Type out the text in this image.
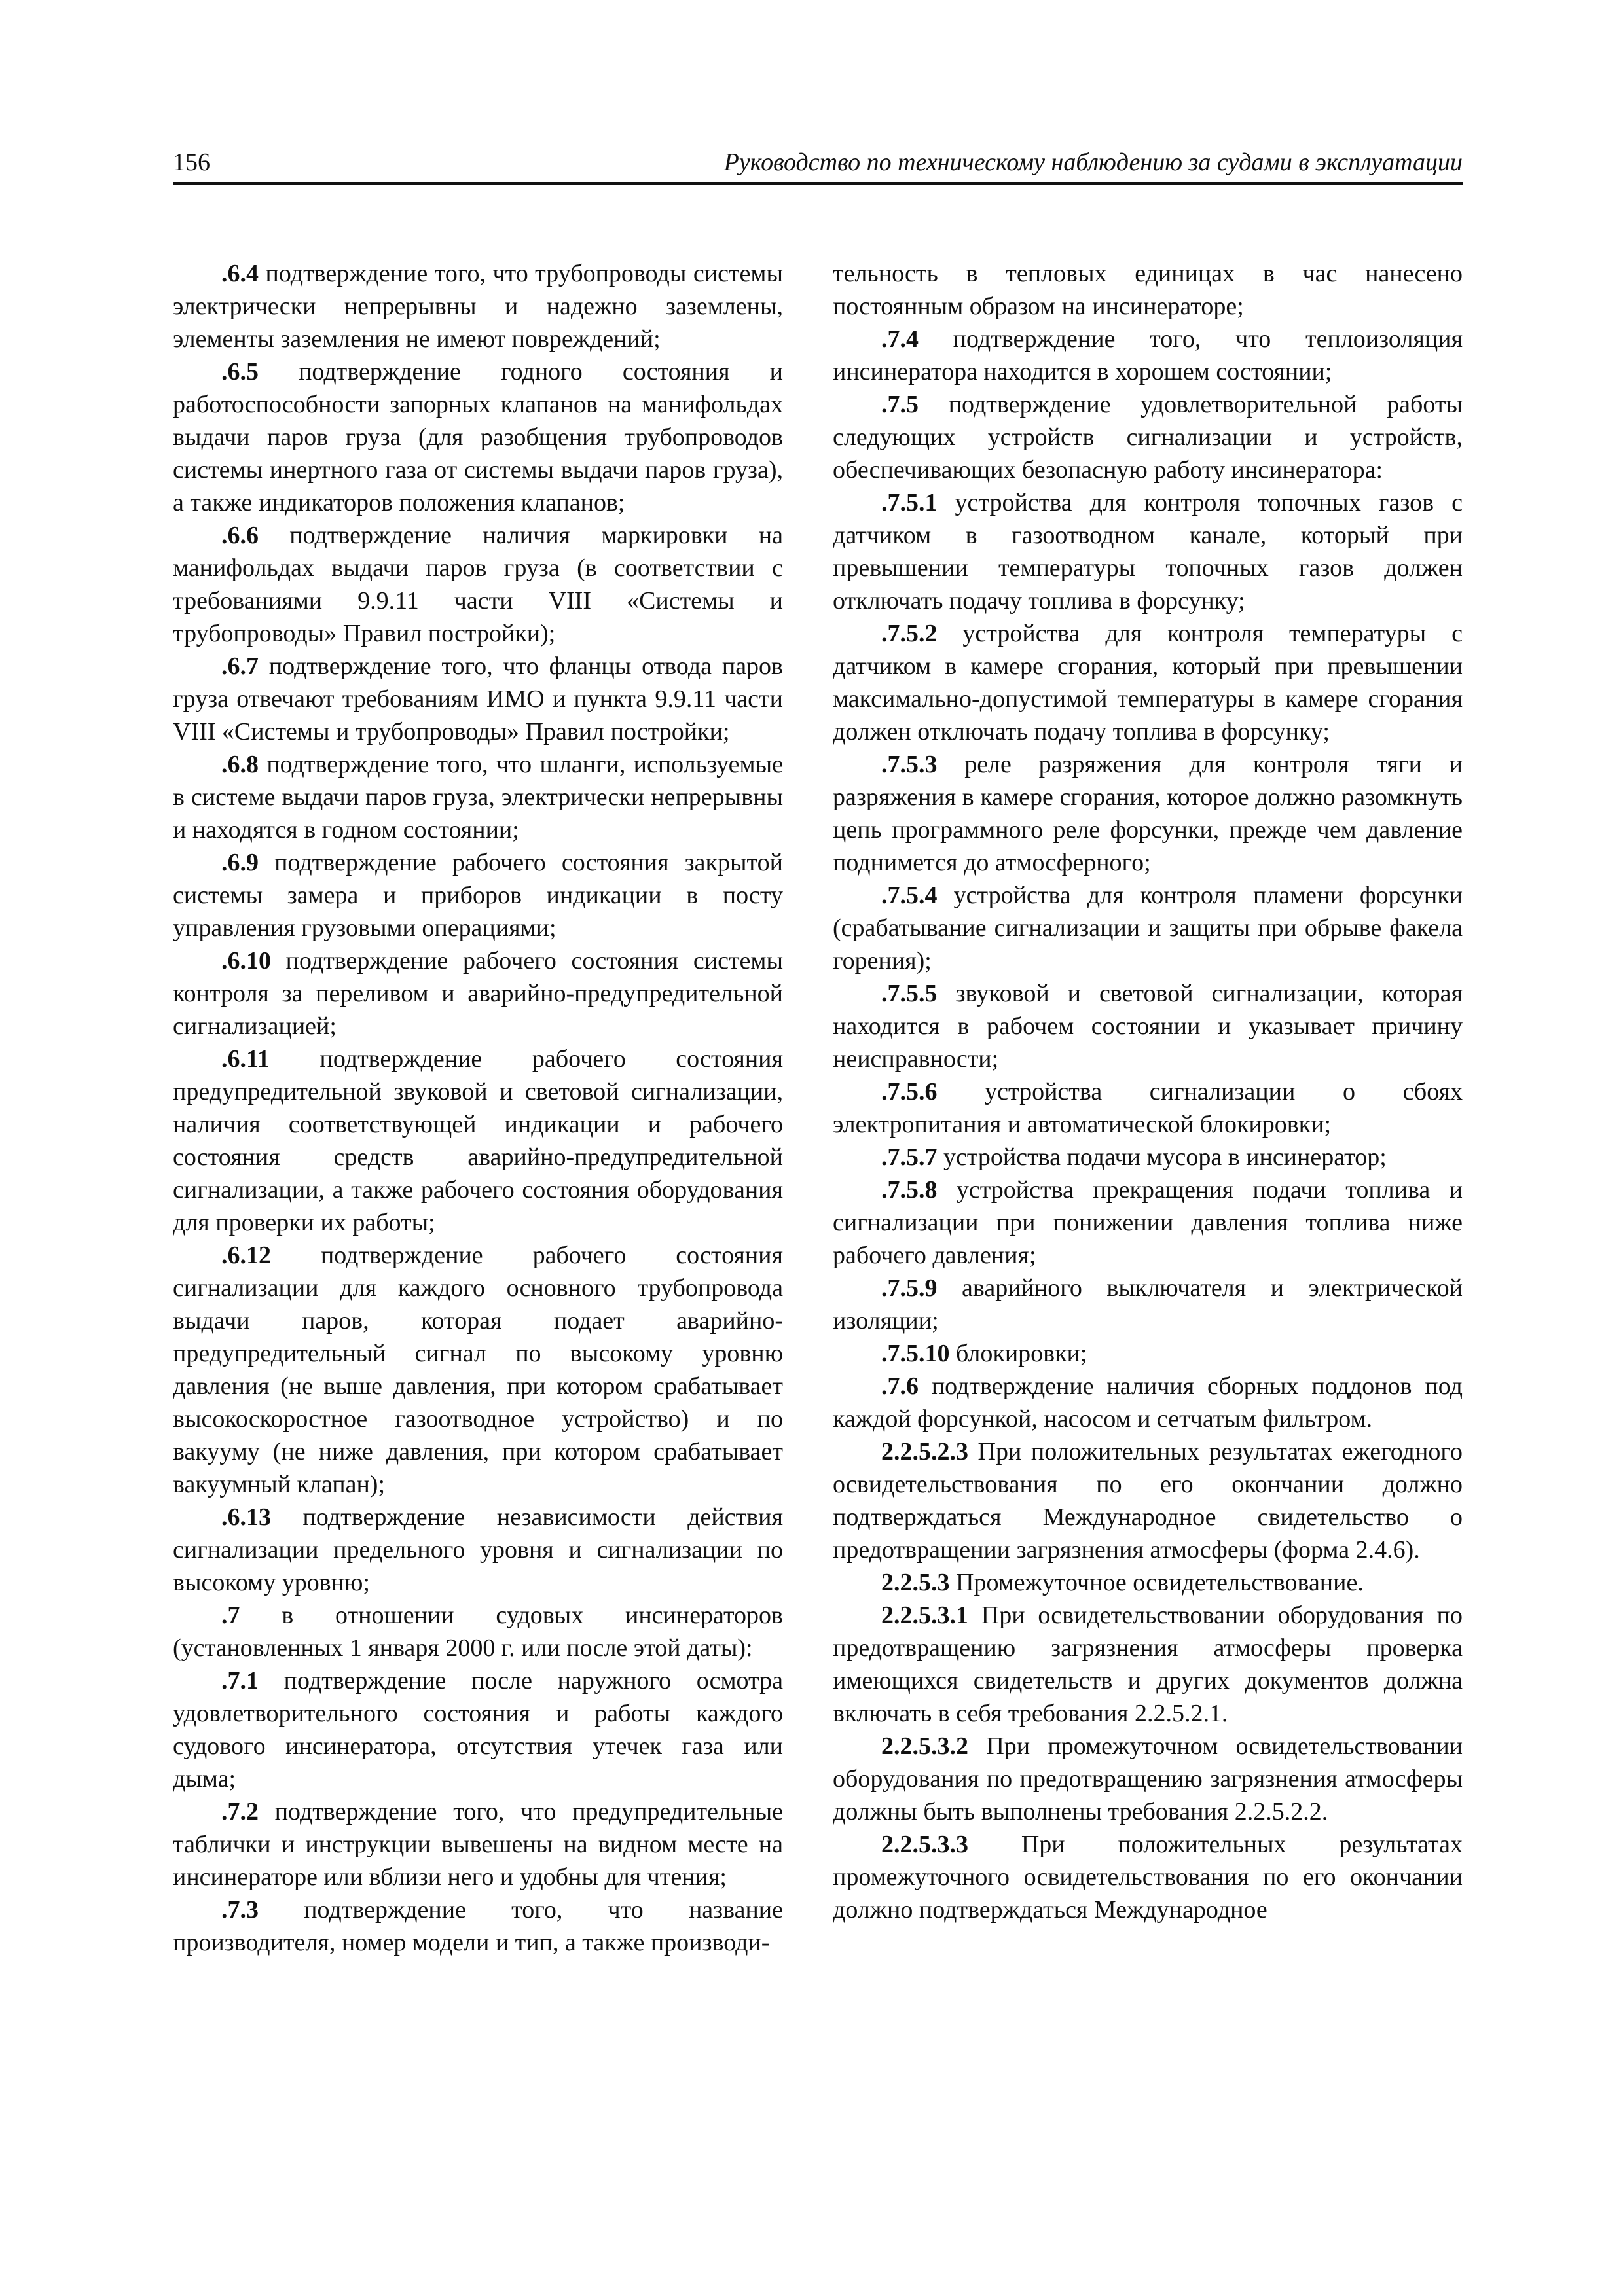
156	Руководство по техническому наблюдению за судами в эксплуатации

.6.4 подтверждение того, что трубопроводы системы электрически непрерывны и надежно заземлены, элементы заземления не имеют повреждений;

.6.5 подтверждение годного состояния и работоспособности запорных клапанов на манифольдах выдачи паров груза (для разобщения трубопроводов системы инертного газа от системы выдачи паров груза), а также индикаторов положения клапанов;

.6.6 подтверждение наличия маркировки на манифольдах выдачи паров груза (в соответствии с требованиями 9.9.11 части VIII «Системы и трубопроводы» Правил постройки);

.6.7 подтверждение того, что фланцы отвода паров груза отвечают требованиям ИМО и пункта 9.9.11 части VIII «Системы и трубопроводы» Правил постройки;

.6.8 подтверждение того, что шланги, используемые в системе выдачи паров груза, электрически непрерывны и находятся в годном состоянии;

.6.9 подтверждение рабочего состояния закрытой системы замера и приборов индикации в посту управления грузовыми операциями;

.6.10 подтверждение рабочего состояния системы контроля за переливом и аварийно-предупредительной сигнализацией;

.6.11 подтверждение рабочего состояния предупредительной звуковой и световой сигнализации, наличия соответствующей индикации и рабочего состояния средств аварийно-предупредительной сигнализации, а также рабочего состояния оборудования для проверки их работы;

.6.12 подтверждение рабочего состояния сигнализации для каждого основного трубопровода выдачи паров, которая подает аварийно-предупредительный сигнал по высокому уровню давления (не выше давления, при котором срабатывает высокоскоростное газоотводное устройство) и по вакууму (не ниже давления, при котором срабатывает вакуумный клапан);

.6.13 подтверждение независимости действия сигнализации предельного уровня и сигнализации по высокому уровню;

.7 в отношении судовых инсинераторов (установленных 1 января 2000 г. или после этой даты):

.7.1 подтверждение после наружного осмотра удовлетворительного состояния и работы каждого судового инсинератора, отсутствия утечек газа или дыма;

.7.2 подтверждение того, что предупредительные таблички и инструкции вывешены на видном месте на инсинераторе или вблизи него и удобны для чтения;

.7.3 подтверждение того, что название производителя, номер модели и тип, а также производи-

тельность в тепловых единицах в час нанесено постоянным образом на инсинераторе;

.7.4 подтверждение того, что теплоизоляция инсинератора находится в хорошем состоянии;

.7.5 подтверждение удовлетворительной работы следующих устройств сигнализации и устройств, обеспечивающих безопасную работу инсинератора:

.7.5.1 устройства для контроля топочных газов с датчиком в газоотводном канале, который при превышении температуры топочных газов должен отключать подачу топлива в форсунку;

.7.5.2 устройства для контроля температуры с датчиком в камере сгорания, который при превышении максимально-допустимой температуры в камере сгорания должен отключать подачу топлива в форсунку;

.7.5.3 реле разряжения для контроля тяги и разряжения в камере сгорания, которое должно разомкнуть цепь программного реле форсунки, прежде чем давление поднимется до атмосферного;

.7.5.4 устройства для контроля пламени форсунки (срабатывание сигнализации и защиты при обрыве факела горения);

.7.5.5 звуковой и световой сигнализации, которая находится в рабочем состоянии и указывает причину неисправности;

.7.5.6 устройства сигнализации о сбоях электропитания и автоматической блокировки;

.7.5.7 устройства подачи мусора в инсинератор;

.7.5.8 устройства прекращения подачи топлива и сигнализации при понижении давления топлива ниже рабочего давления;

.7.5.9 аварийного выключателя и электрической изоляции;

.7.5.10 блокировки;

.7.6 подтверждение наличия сборных поддонов под каждой форсункой, насосом и сетчатым фильтром.

2.2.5.2.3 При положительных результатах ежегодного освидетельствования по его окончании должно подтверждаться Международное свидетельство о предотвращении загрязнения атмосферы (форма 2.4.6).

2.2.5.3 Промежуточное освидетельствование.

2.2.5.3.1 При освидетельствовании оборудования по предотвращению загрязнения атмосферы проверка имеющихся свидетельств и других документов должна включать в себя требования 2.2.5.2.1.

2.2.5.3.2 При промежуточном освидетельствовании оборудования по предотвращению загрязнения атмосферы должны быть выполнены требования 2.2.5.2.2.

2.2.5.3.3 При положительных результатах промежуточного освидетельствования по его окончании должно подтверждаться Международное
